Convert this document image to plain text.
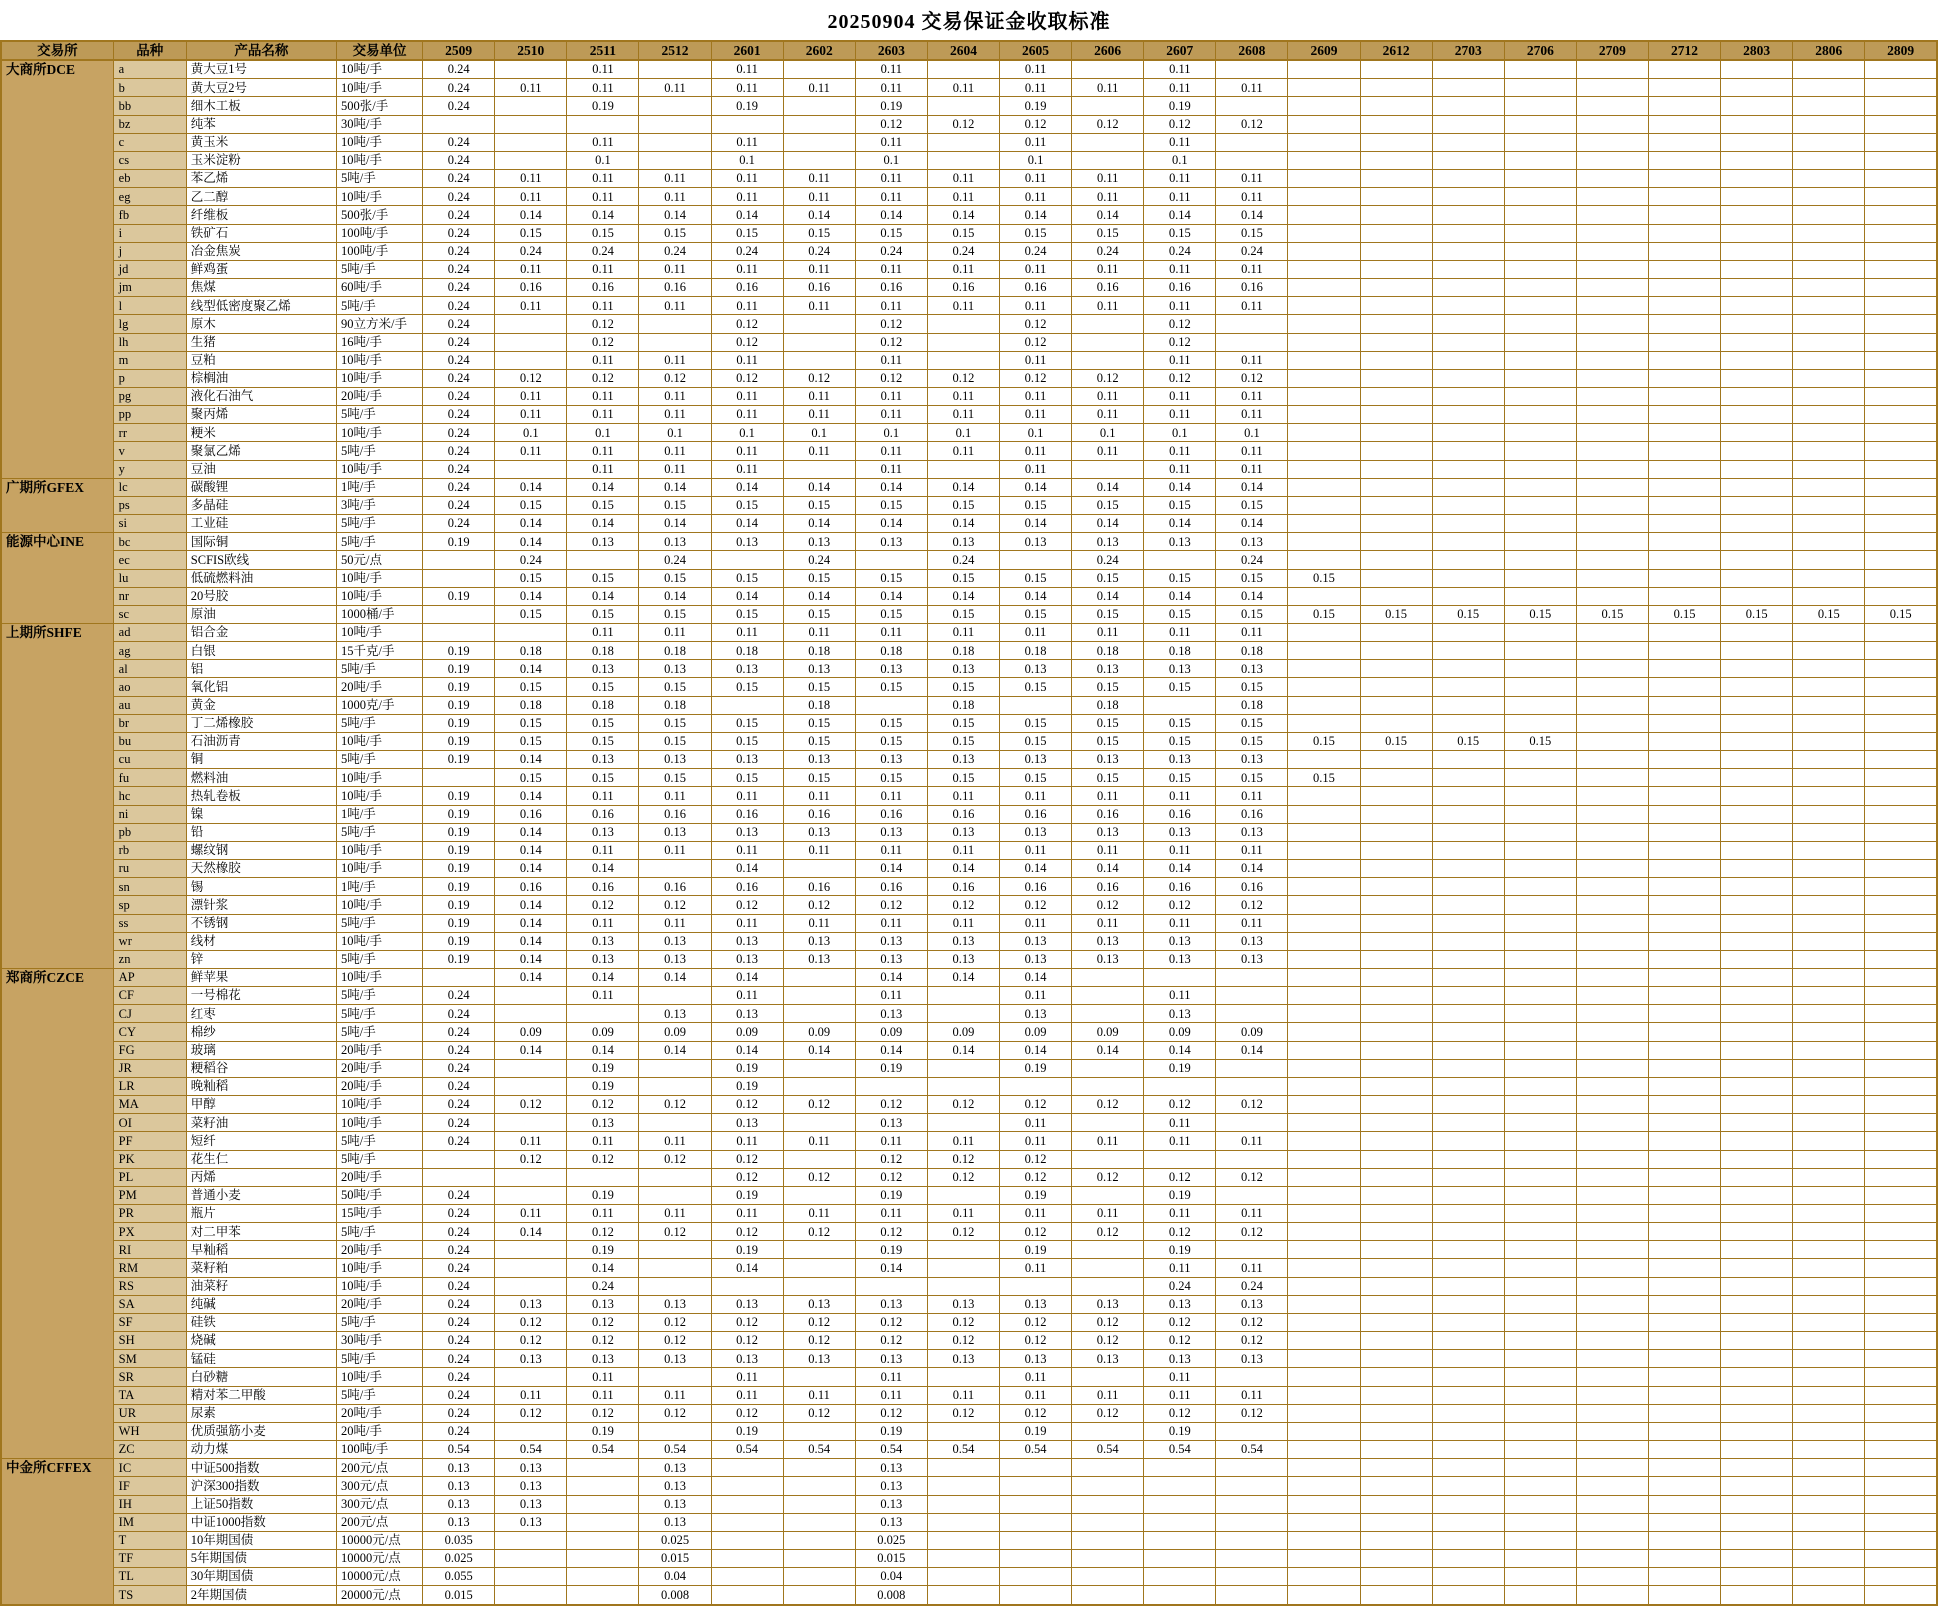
20250904 交易保证金收取标准
交易所	品种	产品名称	交易单位	2509	2510	2511	2512	2601	2602	2603	2604	2605	2606	2607	2608	2609	2612	2703	2706	2709	2712	2803	2806	2809
大商所DCE	a	黄大豆1号	10吨/手	0.24		0.11		0.11		0.11		0.11		0.11										
	b	黄大豆2号	10吨/手	0.24	0.11	0.11	0.11	0.11	0.11	0.11	0.11	0.11	0.11	0.11	0.11									
	bb	细木工板	500张/手	0.24		0.19		0.19		0.19		0.19		0.19										
	bz	纯苯	30吨/手							0.12	0.12	0.12	0.12	0.12	0.12									
	c	黄玉米	10吨/手	0.24		0.11		0.11		0.11		0.11		0.11										
	cs	玉米淀粉	10吨/手	0.24		0.1		0.1		0.1		0.1		0.1										
	eb	苯乙烯	5吨/手	0.24	0.11	0.11	0.11	0.11	0.11	0.11	0.11	0.11	0.11	0.11	0.11									
	eg	乙二醇	10吨/手	0.24	0.11	0.11	0.11	0.11	0.11	0.11	0.11	0.11	0.11	0.11	0.11									
	fb	纤维板	500张/手	0.24	0.14	0.14	0.14	0.14	0.14	0.14	0.14	0.14	0.14	0.14	0.14									
	i	铁矿石	100吨/手	0.24	0.15	0.15	0.15	0.15	0.15	0.15	0.15	0.15	0.15	0.15	0.15									
	j	冶金焦炭	100吨/手	0.24	0.24	0.24	0.24	0.24	0.24	0.24	0.24	0.24	0.24	0.24	0.24									
	jd	鲜鸡蛋	5吨/手	0.24	0.11	0.11	0.11	0.11	0.11	0.11	0.11	0.11	0.11	0.11	0.11									
	jm	焦煤	60吨/手	0.24	0.16	0.16	0.16	0.16	0.16	0.16	0.16	0.16	0.16	0.16	0.16									
	l	线型低密度聚乙烯	5吨/手	0.24	0.11	0.11	0.11	0.11	0.11	0.11	0.11	0.11	0.11	0.11	0.11									
	lg	原木	90立方米/手	0.24		0.12		0.12		0.12		0.12		0.12										
	lh	生猪	16吨/手	0.24		0.12		0.12		0.12		0.12		0.12										
	m	豆粕	10吨/手	0.24		0.11	0.11	0.11		0.11		0.11		0.11	0.11									
	p	棕榈油	10吨/手	0.24	0.12	0.12	0.12	0.12	0.12	0.12	0.12	0.12	0.12	0.12	0.12									
	pg	液化石油气	20吨/手	0.24	0.11	0.11	0.11	0.11	0.11	0.11	0.11	0.11	0.11	0.11	0.11									
	pp	聚丙烯	5吨/手	0.24	0.11	0.11	0.11	0.11	0.11	0.11	0.11	0.11	0.11	0.11	0.11									
	rr	粳米	10吨/手	0.24	0.1	0.1	0.1	0.1	0.1	0.1	0.1	0.1	0.1	0.1	0.1									
	v	聚氯乙烯	5吨/手	0.24	0.11	0.11	0.11	0.11	0.11	0.11	0.11	0.11	0.11	0.11	0.11									
	y	豆油	10吨/手	0.24		0.11	0.11	0.11		0.11		0.11		0.11	0.11									
广期所GFEX	lc	碳酸锂	1吨/手	0.24	0.14	0.14	0.14	0.14	0.14	0.14	0.14	0.14	0.14	0.14	0.14									
	ps	多晶硅	3吨/手	0.24	0.15	0.15	0.15	0.15	0.15	0.15	0.15	0.15	0.15	0.15	0.15									
	si	工业硅	5吨/手	0.24	0.14	0.14	0.14	0.14	0.14	0.14	0.14	0.14	0.14	0.14	0.14									
能源中心INE	bc	国际铜	5吨/手	0.19	0.14	0.13	0.13	0.13	0.13	0.13	0.13	0.13	0.13	0.13	0.13									
	ec	SCFIS欧线	50元/点		0.24		0.24		0.24		0.24		0.24		0.24									
	lu	低硫燃料油	10吨/手		0.15	0.15	0.15	0.15	0.15	0.15	0.15	0.15	0.15	0.15	0.15	0.15								
	nr	20号胶	10吨/手	0.19	0.14	0.14	0.14	0.14	0.14	0.14	0.14	0.14	0.14	0.14	0.14									
	sc	原油	1000桶/手		0.15	0.15	0.15	0.15	0.15	0.15	0.15	0.15	0.15	0.15	0.15	0.15	0.15	0.15	0.15	0.15	0.15	0.15	0.15	0.15
上期所SHFE	ad	铝合金	10吨/手			0.11	0.11	0.11	0.11	0.11	0.11	0.11	0.11	0.11	0.11									
	ag	白银	15千克/手	0.19	0.18	0.18	0.18	0.18	0.18	0.18	0.18	0.18	0.18	0.18	0.18									
	al	铝	5吨/手	0.19	0.14	0.13	0.13	0.13	0.13	0.13	0.13	0.13	0.13	0.13	0.13									
	ao	氧化铝	20吨/手	0.19	0.15	0.15	0.15	0.15	0.15	0.15	0.15	0.15	0.15	0.15	0.15									
	au	黄金	1000克/手	0.19	0.18	0.18	0.18		0.18		0.18		0.18		0.18									
	br	丁二烯橡胶	5吨/手	0.19	0.15	0.15	0.15	0.15	0.15	0.15	0.15	0.15	0.15	0.15	0.15									
	bu	石油沥青	10吨/手	0.19	0.15	0.15	0.15	0.15	0.15	0.15	0.15	0.15	0.15	0.15	0.15	0.15	0.15	0.15	0.15					
	cu	铜	5吨/手	0.19	0.14	0.13	0.13	0.13	0.13	0.13	0.13	0.13	0.13	0.13	0.13									
	fu	燃料油	10吨/手		0.15	0.15	0.15	0.15	0.15	0.15	0.15	0.15	0.15	0.15	0.15	0.15								
	hc	热轧卷板	10吨/手	0.19	0.14	0.11	0.11	0.11	0.11	0.11	0.11	0.11	0.11	0.11	0.11									
	ni	镍	1吨/手	0.19	0.16	0.16	0.16	0.16	0.16	0.16	0.16	0.16	0.16	0.16	0.16									
	pb	铅	5吨/手	0.19	0.14	0.13	0.13	0.13	0.13	0.13	0.13	0.13	0.13	0.13	0.13									
	rb	螺纹钢	10吨/手	0.19	0.14	0.11	0.11	0.11	0.11	0.11	0.11	0.11	0.11	0.11	0.11									
	ru	天然橡胶	10吨/手	0.19	0.14	0.14		0.14		0.14	0.14	0.14	0.14	0.14	0.14									
	sn	锡	1吨/手	0.19	0.16	0.16	0.16	0.16	0.16	0.16	0.16	0.16	0.16	0.16	0.16									
	sp	漂针浆	10吨/手	0.19	0.14	0.12	0.12	0.12	0.12	0.12	0.12	0.12	0.12	0.12	0.12									
	ss	不锈钢	5吨/手	0.19	0.14	0.11	0.11	0.11	0.11	0.11	0.11	0.11	0.11	0.11	0.11									
	wr	线材	10吨/手	0.19	0.14	0.13	0.13	0.13	0.13	0.13	0.13	0.13	0.13	0.13	0.13									
	zn	锌	5吨/手	0.19	0.14	0.13	0.13	0.13	0.13	0.13	0.13	0.13	0.13	0.13	0.13									
郑商所CZCE	AP	鲜苹果	10吨/手		0.14	0.14	0.14	0.14		0.14	0.14	0.14												
	CF	一号棉花	5吨/手	0.24		0.11		0.11		0.11		0.11		0.11										
	CJ	红枣	5吨/手	0.24			0.13	0.13		0.13		0.13		0.13										
	CY	棉纱	5吨/手	0.24	0.09	0.09	0.09	0.09	0.09	0.09	0.09	0.09	0.09	0.09	0.09									
	FG	玻璃	20吨/手	0.24	0.14	0.14	0.14	0.14	0.14	0.14	0.14	0.14	0.14	0.14	0.14									
	JR	粳稻谷	20吨/手	0.24		0.19		0.19		0.19		0.19		0.19										
	LR	晚籼稻	20吨/手	0.24		0.19		0.19																
	MA	甲醇	10吨/手	0.24	0.12	0.12	0.12	0.12	0.12	0.12	0.12	0.12	0.12	0.12	0.12									
	OI	菜籽油	10吨/手	0.24		0.13		0.13		0.13		0.11		0.11										
	PF	短纤	5吨/手	0.24	0.11	0.11	0.11	0.11	0.11	0.11	0.11	0.11	0.11	0.11	0.11									
	PK	花生仁	5吨/手		0.12	0.12	0.12	0.12		0.12	0.12	0.12												
	PL	丙烯	20吨/手					0.12	0.12	0.12	0.12	0.12	0.12	0.12	0.12									
	PM	普通小麦	50吨/手	0.24		0.19		0.19		0.19		0.19		0.19										
	PR	瓶片	15吨/手	0.24	0.11	0.11	0.11	0.11	0.11	0.11	0.11	0.11	0.11	0.11	0.11									
	PX	对二甲苯	5吨/手	0.24	0.14	0.12	0.12	0.12	0.12	0.12	0.12	0.12	0.12	0.12	0.12									
	RI	早籼稻	20吨/手	0.24		0.19		0.19		0.19		0.19		0.19										
	RM	菜籽粕	10吨/手	0.24		0.14		0.14		0.14		0.11		0.11	0.11									
	RS	油菜籽	10吨/手	0.24		0.24								0.24	0.24									
	SA	纯碱	20吨/手	0.24	0.13	0.13	0.13	0.13	0.13	0.13	0.13	0.13	0.13	0.13	0.13									
	SF	硅铁	5吨/手	0.24	0.12	0.12	0.12	0.12	0.12	0.12	0.12	0.12	0.12	0.12	0.12									
	SH	烧碱	30吨/手	0.24	0.12	0.12	0.12	0.12	0.12	0.12	0.12	0.12	0.12	0.12	0.12									
	SM	锰硅	5吨/手	0.24	0.13	0.13	0.13	0.13	0.13	0.13	0.13	0.13	0.13	0.13	0.13									
	SR	白砂糖	10吨/手	0.24		0.11		0.11		0.11		0.11		0.11										
	TA	精对苯二甲酸	5吨/手	0.24	0.11	0.11	0.11	0.11	0.11	0.11	0.11	0.11	0.11	0.11	0.11									
	UR	尿素	20吨/手	0.24	0.12	0.12	0.12	0.12	0.12	0.12	0.12	0.12	0.12	0.12	0.12									
	WH	优质强筋小麦	20吨/手	0.24		0.19		0.19		0.19		0.19		0.19										
	ZC	动力煤	100吨/手	0.54	0.54	0.54	0.54	0.54	0.54	0.54	0.54	0.54	0.54	0.54	0.54									
中金所CFFEX	IC	中证500指数	200元/点	0.13	0.13		0.13			0.13														
	IF	沪深300指数	300元/点	0.13	0.13		0.13			0.13														
	IH	上证50指数	300元/点	0.13	0.13		0.13			0.13														
	IM	中证1000指数	200元/点	0.13	0.13		0.13			0.13														
	T	10年期国债	10000元/点	0.035			0.025			0.025														
	TF	5年期国债	10000元/点	0.025			0.015			0.015														
	TL	30年期国债	10000元/点	0.055			0.04			0.04														
	TS	2年期国债	20000元/点	0.015			0.008			0.008														
